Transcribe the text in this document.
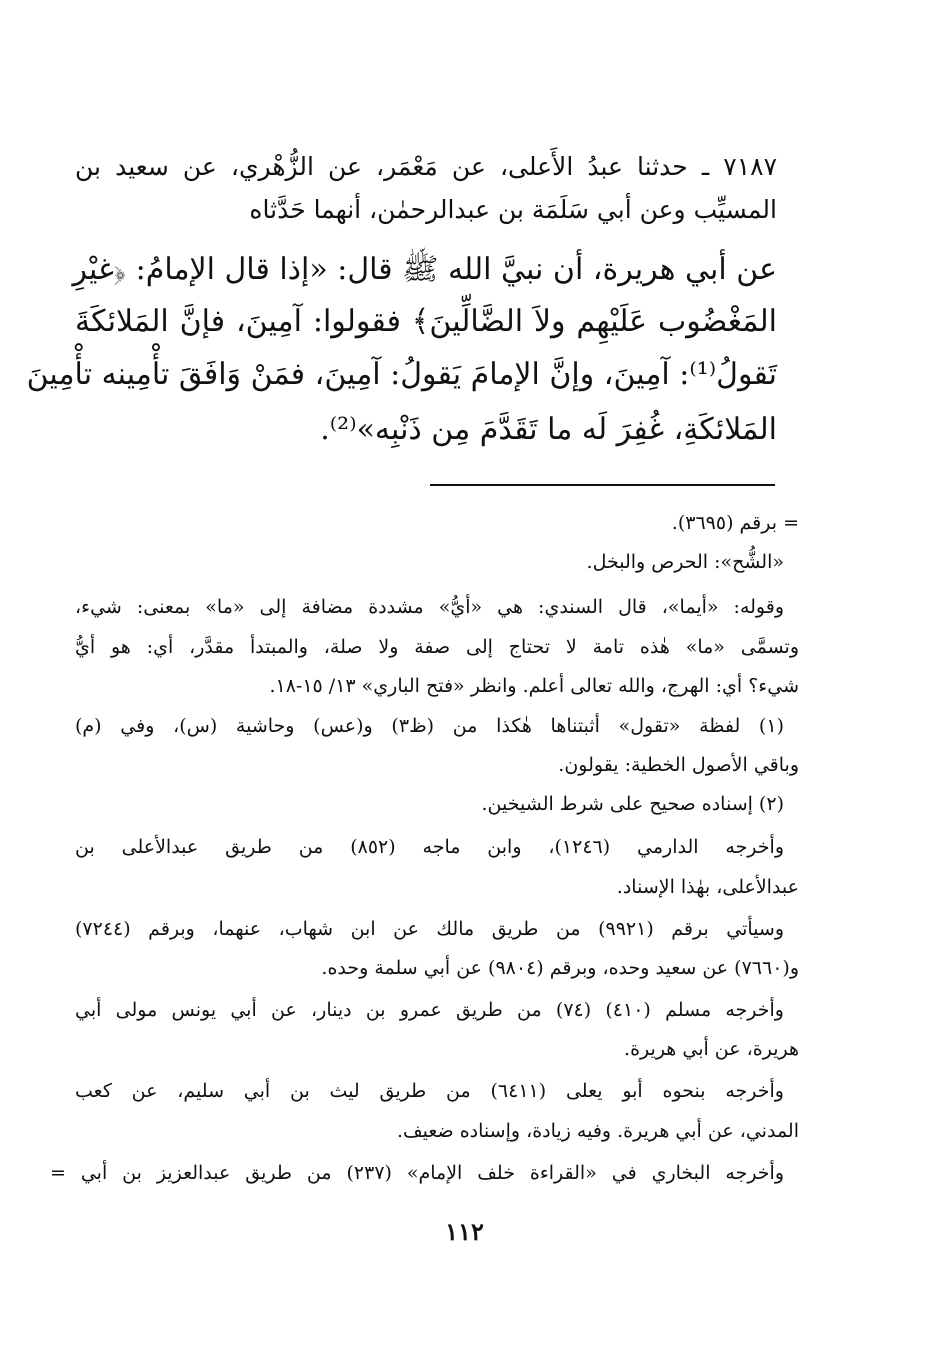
٧١٨٧ ـ حدثنا عبدُ الأَعلى، عن مَعْمَر، عن الزُّهْري، عن سعيد بن

المسيِّب وعن أبي سَلَمَة بن عبدالرحمٰن، أنهما حَدَّثاه

عن أبي هريرة، أن نبيَّ الله ﷺ قال: «إذا قال الإمامُ: ﴿غيْرِ

المَغْضُوب عَلَيْهِم ولاَ الضَّالِّينَ﴾ فقولوا: آمِينَ، فإنَّ المَلائكَةَ

تَقولُ⁽¹⁾: آمِينَ، وإنَّ الإمامَ يَقولُ: آمِينَ، فمَنْ وَافَقَ تأْمِينه تأْمِينَ

المَلائكَةِ، غُفِرَ لَه ما تَقَدَّمَ مِن ذَنْبِه»⁽²⁾.

= برقم (٣٦٩٥).

«الشُّح»: الحرص والبخل.

وقوله: «أيما»، قال السندي: هي «أيُّ» مشددة مضافة إلى «ما» بمعنى: شيء،

وتسمَّى «ما» هٰذه تامة لا تحتاج إلى صفة ولا صلة، والمبتدأ مقدَّر، أي: هو أيُّ

شيء؟ أي: الهرج، والله تعالى أعلم. وانظر «فتح الباري» ١٣/ ١٥-١٨.

(١) لفظة «تقول» أثبتناها هٰكذا من (ظ٣) و(عس) وحاشية (س)، وفي (م)

وباقي الأصول الخطية: يقولون.

(٢) إسناده صحيح على شرط الشيخين.

وأخرجه الدارمي (١٢٤٦)، وابن ماجه (٨٥٢) من طريق عبدالأعلى بن

عبدالأعلى، بهٰذا الإسناد.

وسيأتي برقم (٩٩٢١) من طريق مالك عن ابن شهاب، عنهما، وبرقم (٧٢٤٤)

و(٧٦٦٠) عن سعيد وحده، وبرقم (٩٨٠٤) عن أبي سلمة وحده.

وأخرجه مسلم (٤١٠) (٧٤) من طريق عمرو بن دينار، عن أبي يونس مولى أبي

هريرة، عن أبي هريرة.

وأخرجه بنحوه أبو يعلى (٦٤١١) من طريق ليث بن أبي سليم، عن كعب

المدني، عن أبي هريرة. وفيه زيادة، وإسناده ضعيف.

وأخرجه البخاري في «القراءة خلف الإمام» (٢٣٧) من طريق عبدالعزيز بن أبي =

١١٢
